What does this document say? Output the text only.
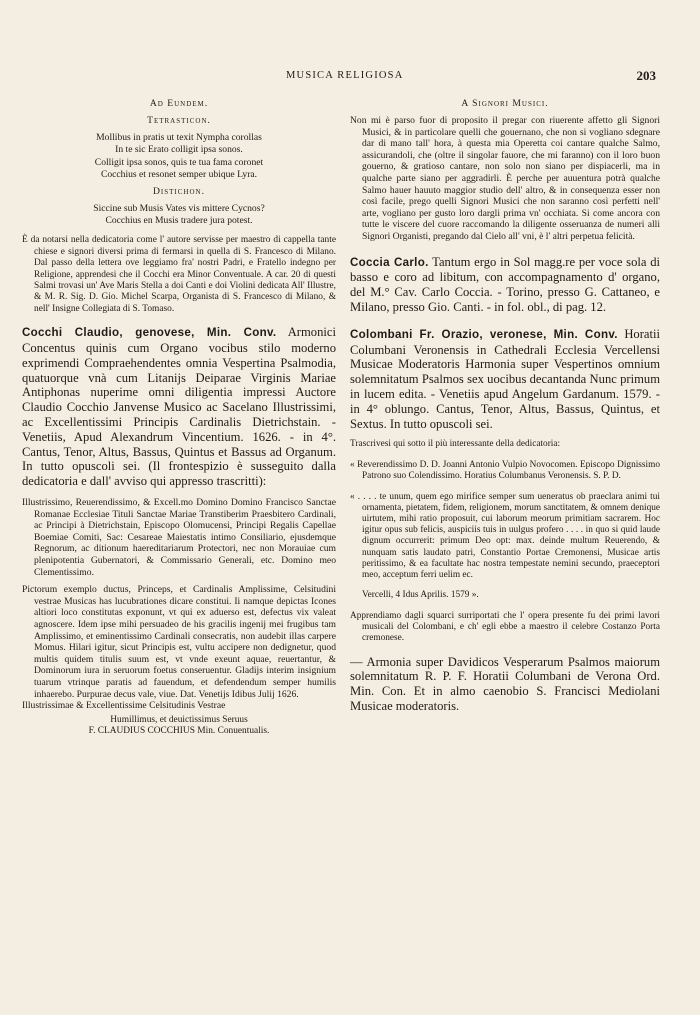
MUSICA RELIGIOSA	203
Ad Eundem.
Tetrasticon.
Mollibus in pratis ut texit Nympha corollas
In te sic Erato colligit ipsa sonos.
Colligit ipsa sonos, quis te tua fama coronet
Cocchius et resonet semper ubique Lyra.
Distichon.
Siccine sub Musis Vates vis mittere Cycnos?
Cocchius en Musis tradere jura potest.

È da notarsi nella dedicatoria come l' autore servisse per maestro di cappella tante chiese e signori diversi prima di fermarsi in quella di S. Francesco di Milano. Dal passo della lettera ove leggiamo fra' nostri Padri, e Fratello indegno per Religione, apprendesi che il Cocchi era Minor Conventuale. A car. 20 di questi Salmi trovasi un' Ave Maris Stella a doi Canti e doi Violini dedicata All' Illustre, & M. R. Sig. D. Gio. Michel Scarpa, Organista di S. Francesco di Milano, & nell' Insigne Collegiata di S. Tomaso.

Cocchi Claudio, genovese, Min. Conv. Armonici Concentus quinis cum Organo vocibus stilo moderno exprimendi Compraehendentes omnia Vespertina Psalmodia, quatuorque vnà cum Litanijs Deiparae Virginis Mariae Antiphonas nuperime omni diligentia impressi Auctore Claudio Cocchio Janvense Musico ac Sacelano Illustrissimi, ac Excellentissimi Principis Cardinalis Dietrichstain. - Venetiis, Apud Alexandrum Vincentium. 1626. - in 4°. Cantus, Tenor, Altus, Bassus, Quintus et Bassus ad Organum. In tutto opuscoli sei. (Il frontespizio è susseguito dalla dedicatoria e dall' avviso qui appresso trascritti):

Illustrissimo, Reuerendissimo, & Excell.mo Domino Domino Francisco Sanctae Romanae Ecclesiae Tituli Sanctae Mariae Transtiberim Praesbitero Cardinali, ac Principi à Dietrichstain, Episcopo Olomucensi, Principi Regalis Capellae Boemiae Comiti, Sac: Cesareae Maiestatis intimo Consiliario, ejusdemque Regnorum, ac ditionum haereditariarum Protectori, nec non Morauiae cum plenipotentia Gubernatori, & Commissario Generali, etc. Domino meo Clementissimo.

Pictorum exemplo ductus, Princeps, et Cardinalis Amplissime, Celsitudini vestrae Musicas has lucubrationes dicare constitui. Ii namque depictas Icones altiori loco constitutas exponunt, vt qui ex aduerso est, defectus vix valeat agnoscere. Idem ipse mihi persuadeo de his gracilis ingenij mei frugibus tam Amplissimo, et eminentissimo Cardinali consecratis, non audebit illas carpere Momus. Hilari igitur, sicut Principis est, vultu accipere non dedignetur, quod multis quidem titulis suum est, vt vnde exeunt aquae, reuertantur, & Dominorum iura in seruorum foetus conseruentur. Gladijs interim insignium tuarum vtrinque paratis ad fauendum, et defendendum semper humilis inhaerebo. Purpurae decus vale, viue. Dat. Venetijs Idibus Julij 1626.

Illustrissimae & Excellentissime Celsitudinis Vestrae

Humillimus, et deuictissimus Seruus
F. CLAUDIUS COCCHIUS Min. Conuentualis.
A Signori Musici.

Non mi è parso fuor di proposito il pregar con riuerente affetto gli Signori Musici, & in particolare quelli che gouernano, che non si vogliano sdegnare dar di mano tall' hora, à questa mia Operetta coi cantare qualche Salmo, assicurandoli, che (oltre il singolar fauore, che mi faranno) con il loro buon gouerno, & gratioso cantare, non solo non siano per dispiacerli, ma in qualche parte siano per aggradirli. È perche per auuentura potrà qualche Salmo hauer hauuto maggior studio dell' altro, & in consequenza esser non così facile, prego quelli Signori Musici che non saranno così perfetti nell' arte, vogliano per gusto loro dargli prima vn' occhiata. Si come ancora con tutte le viscere del cuore raccomando la diligente osseruanza de numeri alli Signori Organisti, pregando dal Cielo all' vni, è l' altri perpetua felicità.

Coccia Carlo. Tantum ergo in Sol magg.re per voce sola di basso e coro ad libitum, con accompagnamento d' organo, del M.° Cav. Carlo Coccia. - Torino, presso G. Cattaneo, e Milano, presso Gio. Canti. - in fol. obl., di pag. 12.
Colombani Fr. Orazio, veronese, Min. Conv. Horatii Columbani Veronensis in Cathedrali Ecclesia Vercellensi Musicae Moderatoris Harmonia super Vespertinos omnium solemnitatum Psalmos sex uocibus decantanda Nunc primum in lucem edita. - Venetiis apud Angelum Gardanum. 1579. - in 4° oblungo. Cantus, Tenor, Altus, Bassus, Quintus, et Sextus. In tutto opuscoli sei.

Trascrivesi qui sotto il più interessante della dedicatoria:

« Reverendissimo D. D. Joanni Antonio Vulpio Novocomen. Episcopo Dignissimo Patrono suo Colendissimo. Horatius Columbanus Veronensis. S. P. D.

« . . . . te unum, quem ego mirifice semper sum ueneratus ob praeclara animi tui ornamenta, pietatem, fidem, religionem, morum sanctitatem, & omnem denique uirtutem, mihi ratio proposuit, cui laborum meorum primitiam sacrarem. Hoc igitur opus sub felicis, auspiciis tuis in uulgus profero . . . . in quo si quid laude dignum occurrerit: primum Deo opt: max. deinde multum Reuerendo, & nunquam satis laudato patri, Constantio Portae Cremonensi, Musicae artis peritissimo, & ea facultate hac nostra tempestate nemini secundo, praeceptori meo, acceptum ferri uelim ec.

Vercelli, 4 Idus Aprilis. 1579 ».

Apprendiamo dagli squarci surriportati che l' opera presente fu dei primi lavori musicali del Colombani, e ch' egli ebbe a maestro il celebre Costanzo Porta cremonese.

— Armonia super Davidicos Vesperarum Psalmos maiorum solemnitatum R. P. F. Horatii Columbani de Verona Ord. Min. Con. Et in almo caenobio S. Francisci Mediolani Musicae moderatoris.
